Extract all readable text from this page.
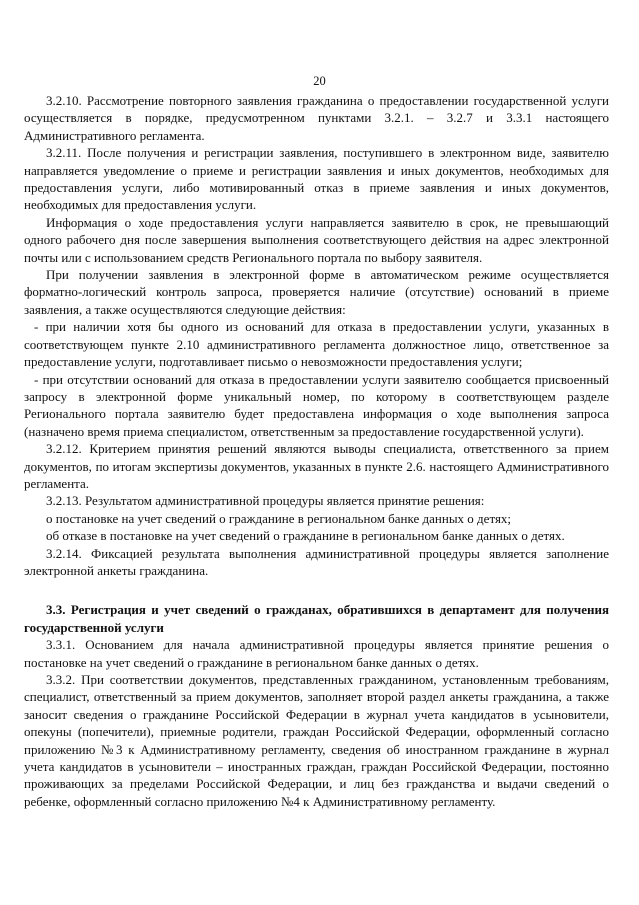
20

3.2.10. Рассмотрение повторного заявления гражданина о предоставлении государственной услуги осуществляется в порядке, предусмотренном пунктами 3.2.1. – 3.2.7 и 3.3.1 настоящего Административного регламента.

3.2.11. После получения и регистрации заявления, поступившего в электронном виде, заявителю направляется уведомление о приеме и регистрации заявления и иных документов, необходимых для предоставления услуги, либо мотивированный отказ в приеме заявления и иных документов, необходимых для предоставления услуги.

Информация о ходе предоставления услуги направляется заявителю в срок, не превышающий одного рабочего дня после завершения выполнения соответствующего действия на адрес электронной почты или с использованием средств Регионального портала по выбору заявителя.

При получении заявления в электронной форме в автоматическом режиме осуществляется форматно-логический контроль запроса, проверяется наличие (отсутствие) оснований в приеме заявления, а также осуществляются следующие действия:

- при наличии хотя бы одного из оснований для отказа в предоставлении услуги, указанных в соответствующем пункте 2.10 административного регламента должностное лицо, ответственное за предоставление услуги, подготавливает письмо о невозможности предоставления услуги;

- при отсутствии оснований для отказа в предоставлении услуги заявителю сообщается присвоенный запросу в электронной форме уникальный номер, по которому в соответствующем разделе Регионального портала заявителю будет предоставлена информация о ходе выполнения запроса (назначено время приема специалистом, ответственным за предоставление государственной услуги).

3.2.12. Критерием принятия решений являются выводы специалиста, ответственного за прием документов, по итогам экспертизы документов, указанных в пункте 2.6. настоящего Административного регламента.

3.2.13. Результатом административной процедуры является принятие решения:

о постановке на учет сведений о гражданине в региональном банке данных о детях;

об отказе в постановке на учет сведений о гражданине в региональном банке данных о детях.

3.2.14. Фиксацией результата выполнения административной процедуры является заполнение электронной анкеты гражданина.

3.3. Регистрация и учет сведений о гражданах, обратившихся в департамент для получения государственной услуги

3.3.1. Основанием для начала административной процедуры является принятие решения о постановке на учет сведений о гражданине в региональном банке данных о детях.

3.3.2. При соответствии документов, представленных гражданином, установленным требованиям, специалист, ответственный за прием документов, заполняет второй раздел анкеты гражданина, а также заносит сведения о гражданине Российской Федерации в журнал учета кандидатов в усыновители, опекуны (попечители), приемные родители, граждан Российской Федерации, оформленный согласно приложению №3 к Административному регламенту, сведения об иностранном гражданине в журнал учета кандидатов в усыновители – иностранных граждан, граждан Российской Федерации, постоянно проживающих за пределами Российской Федерации, и лиц без гражданства и выдачи сведений о ребенке, оформленный согласно приложению №4 к Административному регламенту.
